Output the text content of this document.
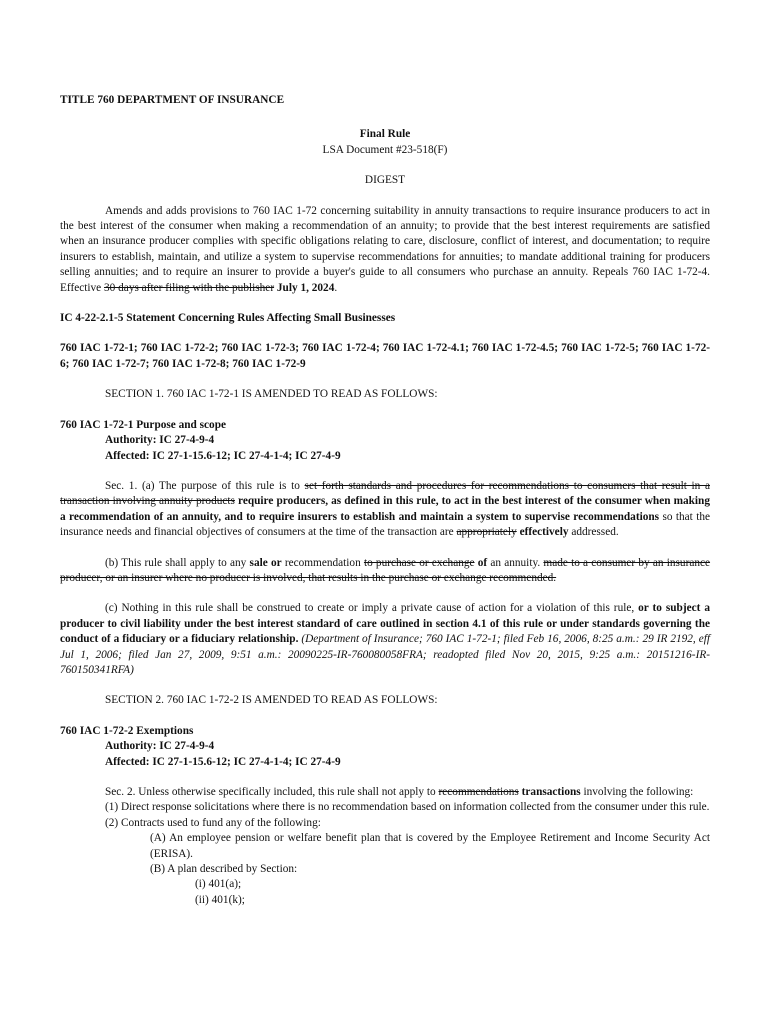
TITLE 760 DEPARTMENT OF INSURANCE

Final Rule

LSA Document #23-518(F)

DIGEST

Amends and adds provisions to 760 IAC 1-72 concerning suitability in annuity transactions to require insurance producers to act in the best interest of the consumer when making a recommendation of an annuity; to provide that the best interest requirements are satisfied when an insurance producer complies with specific obligations relating to care, disclosure, conflict of interest, and documentation; to require insurers to establish, maintain, and utilize a system to supervise recommendations for annuities; to mandate additional training for producers selling annuities; and to require an insurer to provide a buyer's guide to all consumers who purchase an annuity. Repeals 760 IAC 1-72-4. Effective 30 days after filing with the publisher July 1, 2024.

IC 4-22-2.1-5 Statement Concerning Rules Affecting Small Businesses

760 IAC 1-72-1; 760 IAC 1-72-2; 760 IAC 1-72-3; 760 IAC 1-72-4; 760 IAC 1-72-4.1; 760 IAC 1-72-4.5; 760 IAC 1-72-5; 760 IAC 1-72-6; 760 IAC 1-72-7; 760 IAC 1-72-8; 760 IAC 1-72-9

SECTION 1. 760 IAC 1-72-1 IS AMENDED TO READ AS FOLLOWS:

760 IAC 1-72-1 Purpose and scope

Authority: IC 27-4-9-4

Affected: IC 27-1-15.6-12; IC 27-4-1-4; IC 27-4-9

Sec. 1. (a) The purpose of this rule is to set forth standards and procedures for recommendations to consumers that result in a transaction involving annuity products require producers, as defined in this rule, to act in the best interest of the consumer when making a recommendation of an annuity, and to require insurers to establish and maintain a system to supervise recommendations so that the insurance needs and financial objectives of consumers at the time of the transaction are appropriately effectively addressed.

(b) This rule shall apply to any sale or recommendation to purchase or exchange of an annuity. made to a consumer by an insurance producer, or an insurer where no producer is involved, that results in the purchase or exchange recommended.

(c) Nothing in this rule shall be construed to create or imply a private cause of action for a violation of this rule, or to subject a producer to civil liability under the best interest standard of care outlined in section 4.1 of this rule or under standards governing the conduct of a fiduciary or a fiduciary relationship. (Department of Insurance; 760 IAC 1-72-1; filed Feb 16, 2006, 8:25 a.m.: 29 IR 2192, eff Jul 1, 2006; filed Jan 27, 2009, 9:51 a.m.: 20090225-IR-760080058FRA; readopted filed Nov 20, 2015, 9:25 a.m.: 20151216-IR-760150341RFA)

SECTION 2. 760 IAC 1-72-2 IS AMENDED TO READ AS FOLLOWS:

760 IAC 1-72-2 Exemptions

Authority: IC 27-4-9-4

Affected: IC 27-1-15.6-12; IC 27-4-1-4; IC 27-4-9

Sec. 2. Unless otherwise specifically included, this rule shall not apply to recommendations transactions involving the following:

(1) Direct response solicitations where there is no recommendation based on information collected from the consumer under this rule.

(2) Contracts used to fund any of the following:

(A) An employee pension or welfare benefit plan that is covered by the Employee Retirement and Income Security Act (ERISA).

(B) A plan described by Section:

(i) 401(a);

(ii) 401(k);
